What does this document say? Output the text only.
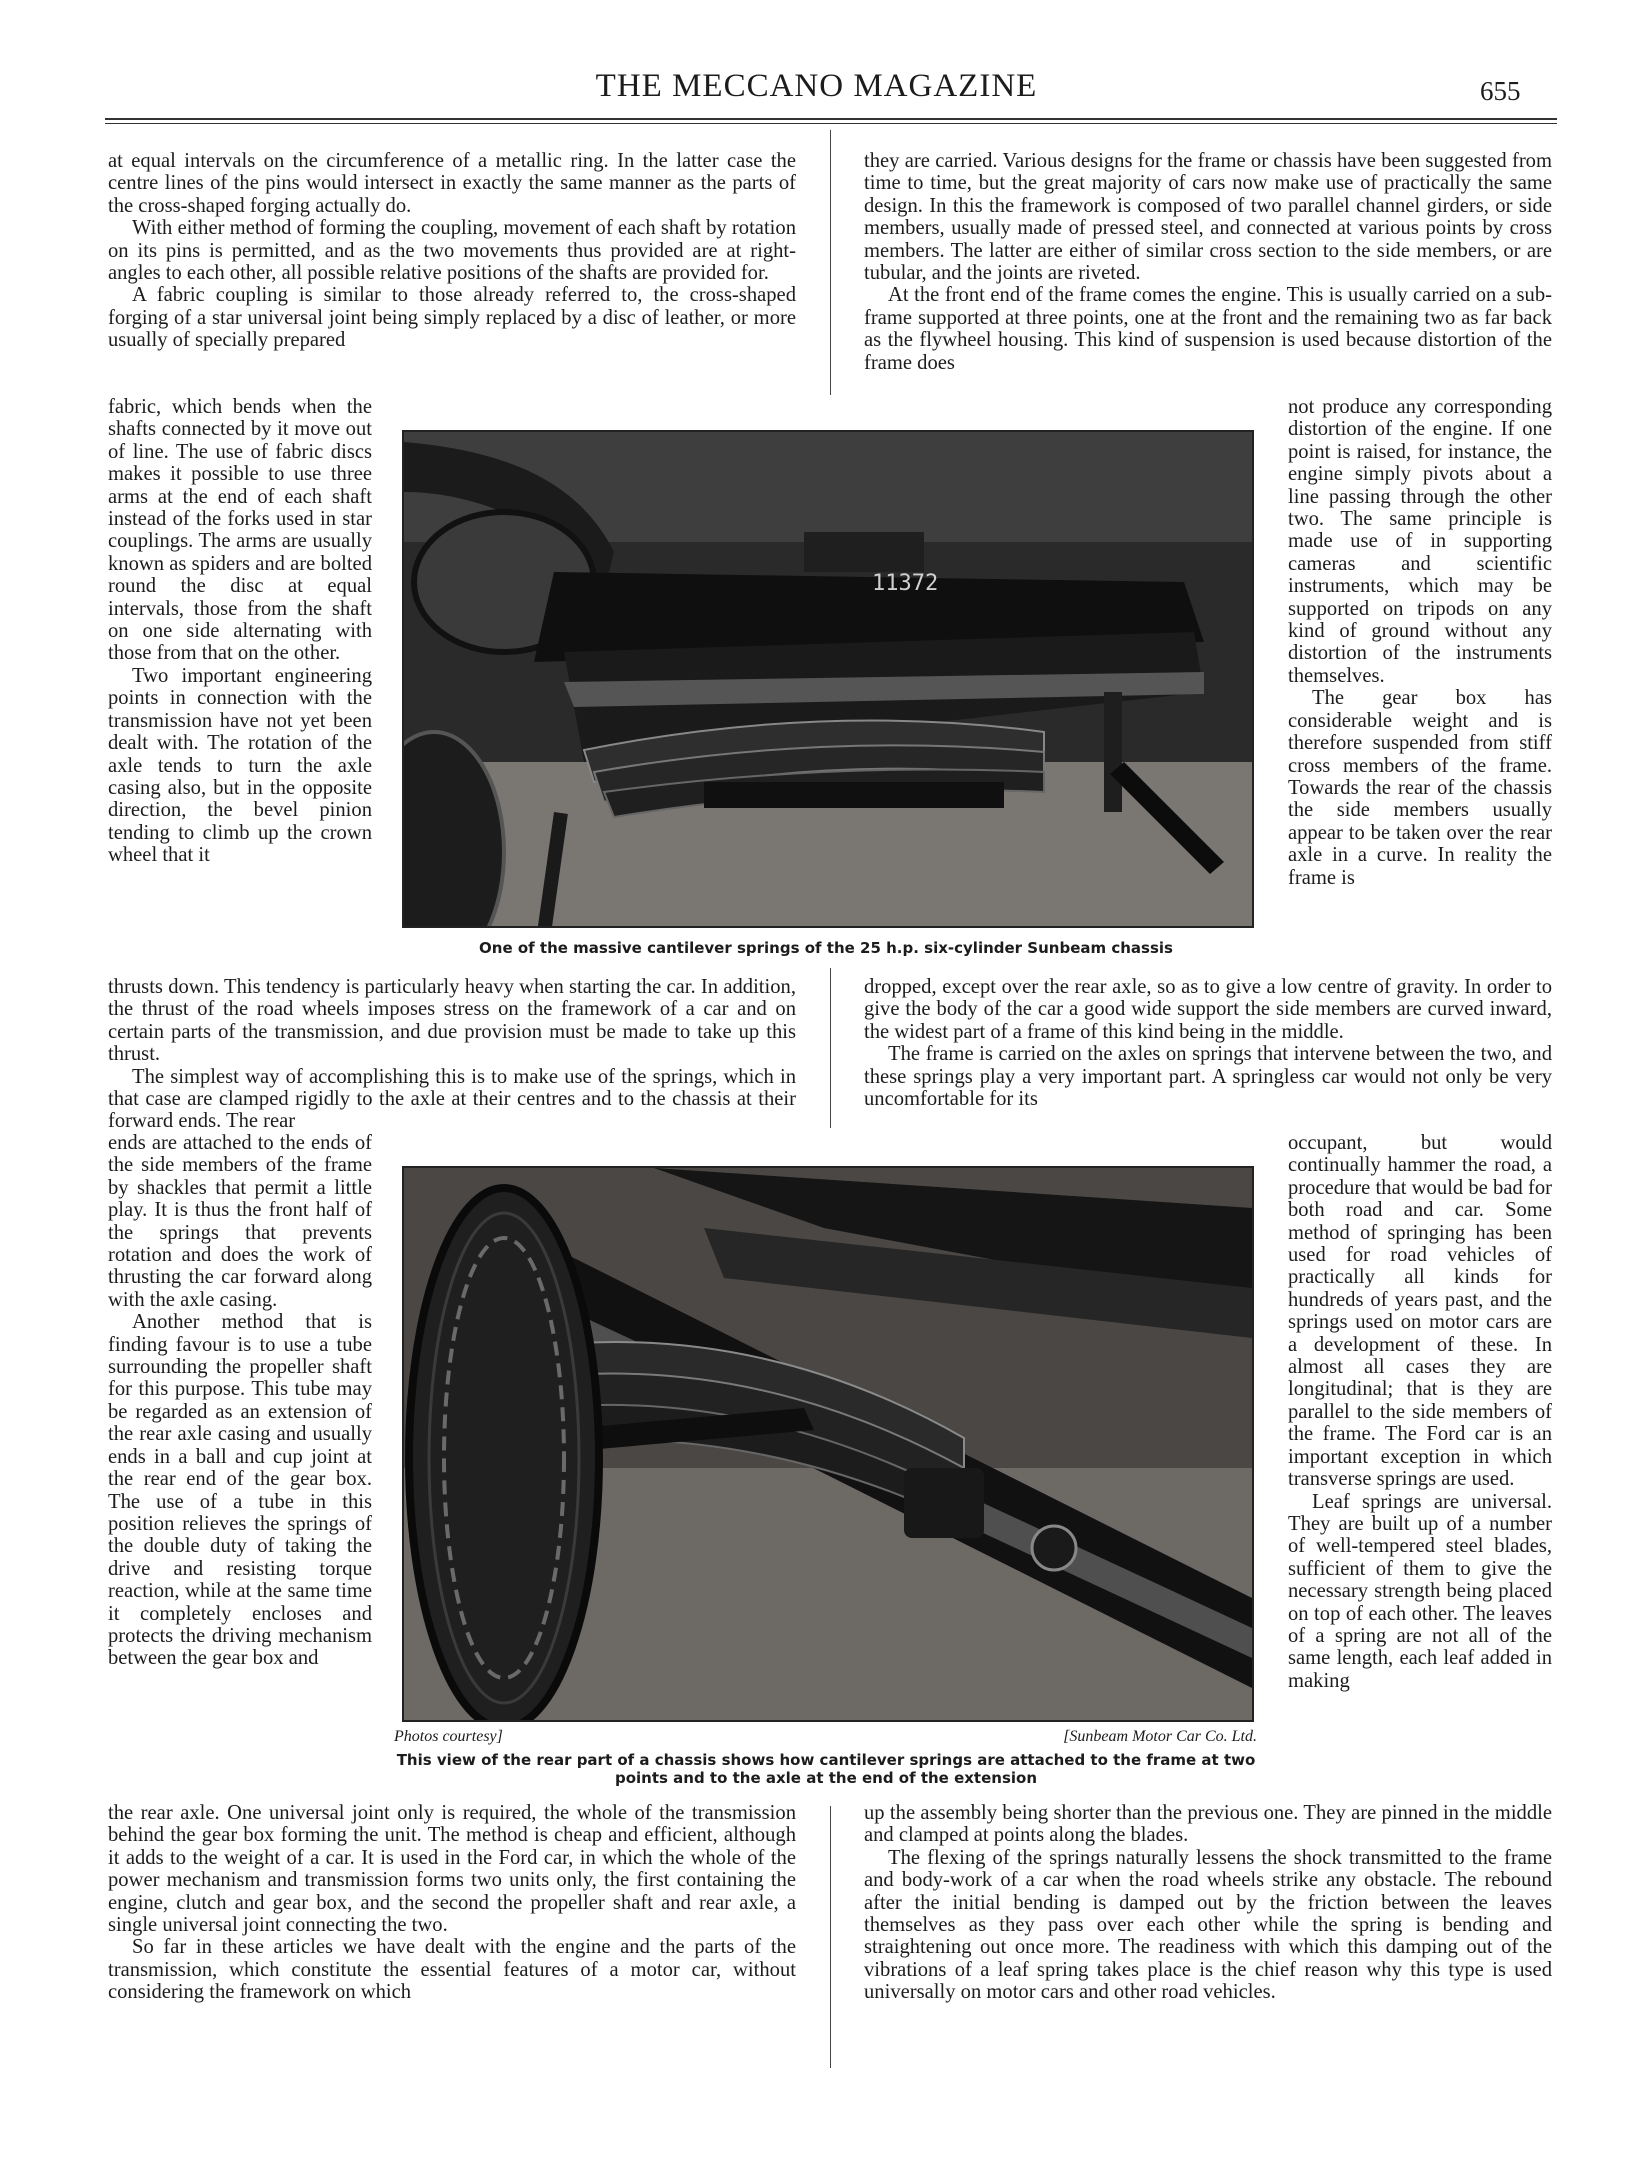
THE MECCANO MAGAZINE	655

at equal intervals on the circumference of a metallic ring. In the latter case the centre lines of the pins would intersect in exactly the same manner as the parts of the cross-shaped forging actually do.

With either method of forming the coupling, movement of each shaft by rotation on its pins is permitted, and as the two movements thus provided are at right-angles to each other, all possible relative positions of the shafts are provided for.

A fabric coupling is similar to those already referred to, the cross-shaped forging of a star universal joint being simply replaced by a disc of leather, or more usually of specially prepared

fabric, which bends when the shafts connected by it move out of line. The use of fabric discs makes it possible to use three arms at the end of each shaft instead of the forks used in star couplings. The arms are usually known as spiders and are bolted round the disc at equal intervals, those from the shaft on one side alternating with those from that on the other.

Two important engineering points in connection with the transmission have not yet been dealt with. The rotation of the axle tends to turn the axle casing also, but in the opposite direction, the bevel pinion tending to climb up the crown wheel that it

thrusts down. This tendency is particularly heavy when starting the car. In addition, the thrust of the road wheels imposes stress on the framework of a car and on certain parts of the transmission, and due provision must be made to take up this thrust.

The simplest way of accomplishing this is to make use of the springs, which in that case are clamped rigidly to the axle at their centres and to the chassis at their forward ends. The rear

ends are attached to the ends of the side members of the frame by shackles that permit a little play. It is thus the front half of the springs that prevents rotation and does the work of thrusting the car forward along with the axle casing.

Another method that is finding favour is to use a tube surrounding the propeller shaft for this purpose. This tube may be regarded as an extension of the rear axle casing and usually ends in a ball and cup joint at the rear end of the gear box. The use of a tube in this position relieves the springs of the double duty of taking the drive and resisting torque reaction, while at the same time it completely encloses and protects the driving mechanism between the gear box and

the rear axle. One universal joint only is required, the whole of the transmission behind the gear box forming the unit. The method is cheap and efficient, although it adds to the weight of a car. It is used in the Ford car, in which the whole of the power mechanism and transmission forms two units only, the first containing the engine, clutch and gear box, and the second the propeller shaft and rear axle, a single universal joint connecting the two.

So far in these articles we have dealt with the engine and the parts of the transmission, which constitute the essential features of a motor car, without considering the framework on which

they are carried. Various designs for the frame or chassis have been suggested from time to time, but the great majority of cars now make use of practically the same design. In this the framework is composed of two parallel channel girders, or side members, usually made of pressed steel, and connected at various points by cross members. The latter are either of similar cross section to the side members, or are tubular, and the joints are riveted.

At the front end of the frame comes the engine. This is usually carried on a sub-frame supported at three points, one at the front and the remaining two as far back as the flywheel housing. This kind of suspension is used because distortion of the frame does

not produce any corresponding distortion of the engine. If one point is raised, for instance, the engine simply pivots about a line passing through the other two. The same principle is made use of in supporting cameras and scientific instruments, which may be supported on tripods on any kind of ground without any distortion of the instruments themselves.

The gear box has considerable weight and is therefore suspended from stiff cross members of the frame. Towards the rear of the chassis the side members usually appear to be taken over the rear axle in a curve. In reality the frame is

dropped, except over the rear axle, so as to give a low centre of gravity. In order to give the body of the car a good wide support the side members are curved inward, the widest part of a frame of this kind being in the middle.

The frame is carried on the axles on springs that intervene between the two, and these springs play a very important part. A springless car would not only be very uncomfortable for its

occupant, but would continually hammer the road, a procedure that would be bad for both road and car. Some method of springing has been used for road vehicles of practically all kinds for hundreds of years past, and the springs used on motor cars are a development of these. In almost all cases they are longitudinal; that is they are parallel to the side members of the frame. The Ford car is an important exception in which transverse springs are used.

Leaf springs are universal. They are built up of a number of well-tempered steel blades, sufficient of them to give the necessary strength being placed on top of each other. The leaves of a spring are not all of the same length, each leaf added in making

up the assembly being shorter than the previous one. They are pinned in the middle and clamped at points along the blades.

The flexing of the springs naturally lessens the shock transmitted to the frame and body-work of a car when the road wheels strike any obstacle. The rebound after the initial bending is damped out by the friction between the leaves themselves as they pass over each other while the spring is bending and straightening out once more. The readiness with which this damping out of the vibrations of a leaf spring takes place is the chief reason why this type is used universally on motor cars and other road vehicles.

11372
One of the massive cantilever springs of the 25 h.p. six-cylinder Sunbeam chassis
Photos courtesy]	[Sunbeam Motor Car Co. Ltd.
This view of the rear part of a chassis shows how cantilever springs are attached to the frame at two points and to the axle at the end of the extension
